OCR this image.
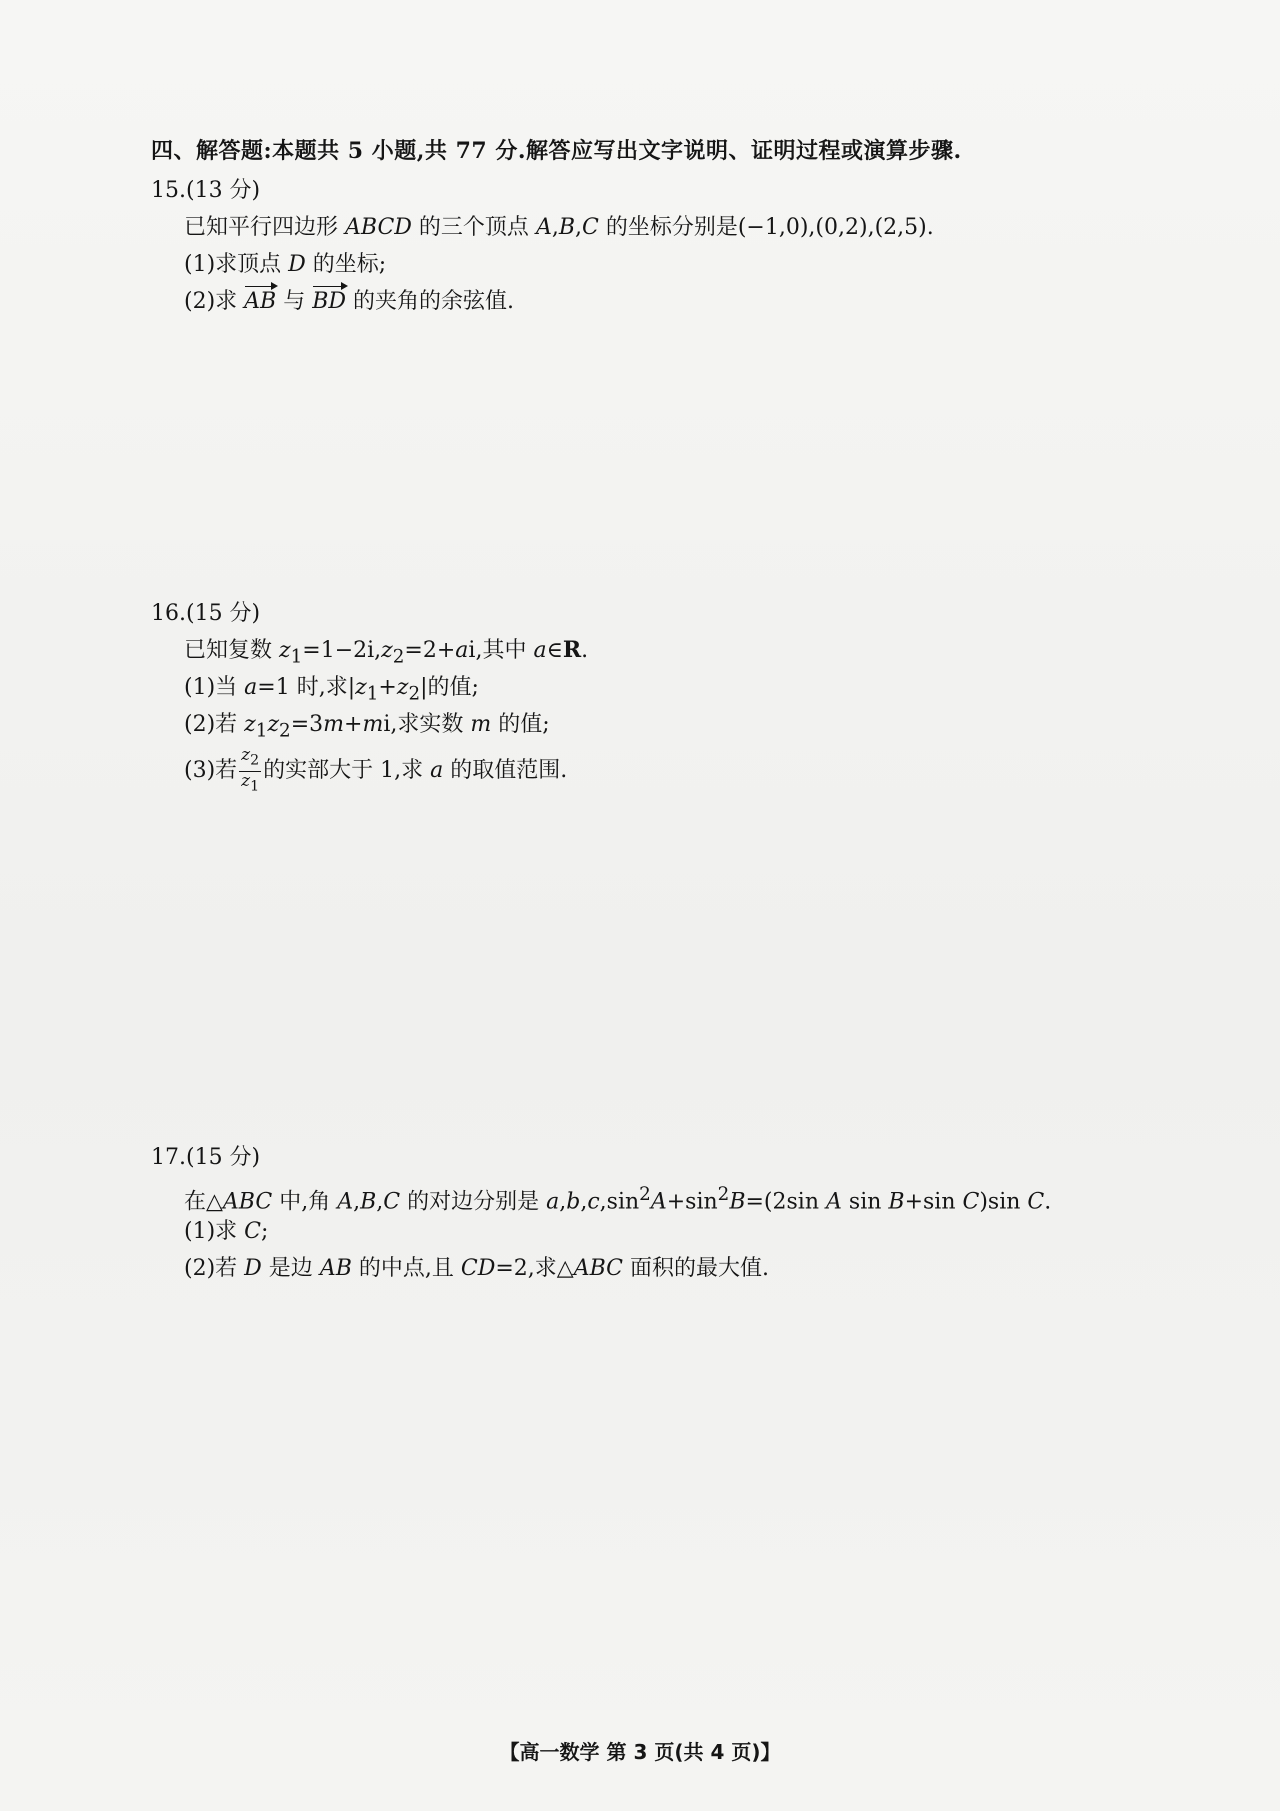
四、解答题:本题共 5 小题,共 77 分.解答应写出文字说明、证明过程或演算步骤.
15.(13 分)
已知平行四边形 ABCD 的三个顶点 A,B,C 的坐标分别是(−1,0),(0,2),(2,5).
(1)求顶点 D 的坐标;
(2)求 AB 与 BD 的夹角的余弦值.
16.(15 分)
已知复数 $z_1=1-2i,z_2=2+ai$,其中 a∈R.
(1)当 a=1 时,求$|z_1+z_2|$的值;
(2)若 $z_1z_2=3m+mi$,求实数 m 的值;
(3)若 $\frac{z_2}{z_1}$ 的实部大于 1,求 a 的取值范围.
17.(15 分)
在△ABC 中,角 A,B,C 的对边分别是 $a,b,c,\sin^2A+\sin^2B=(2\sin$ A sin B+sin C)sin C.
(1)求 C;
(2)若 D 是边 AB 的中点,且 CD=2,求△ABC 面积的最大值.
【高一数学 第 3 页(共 4 页)】
